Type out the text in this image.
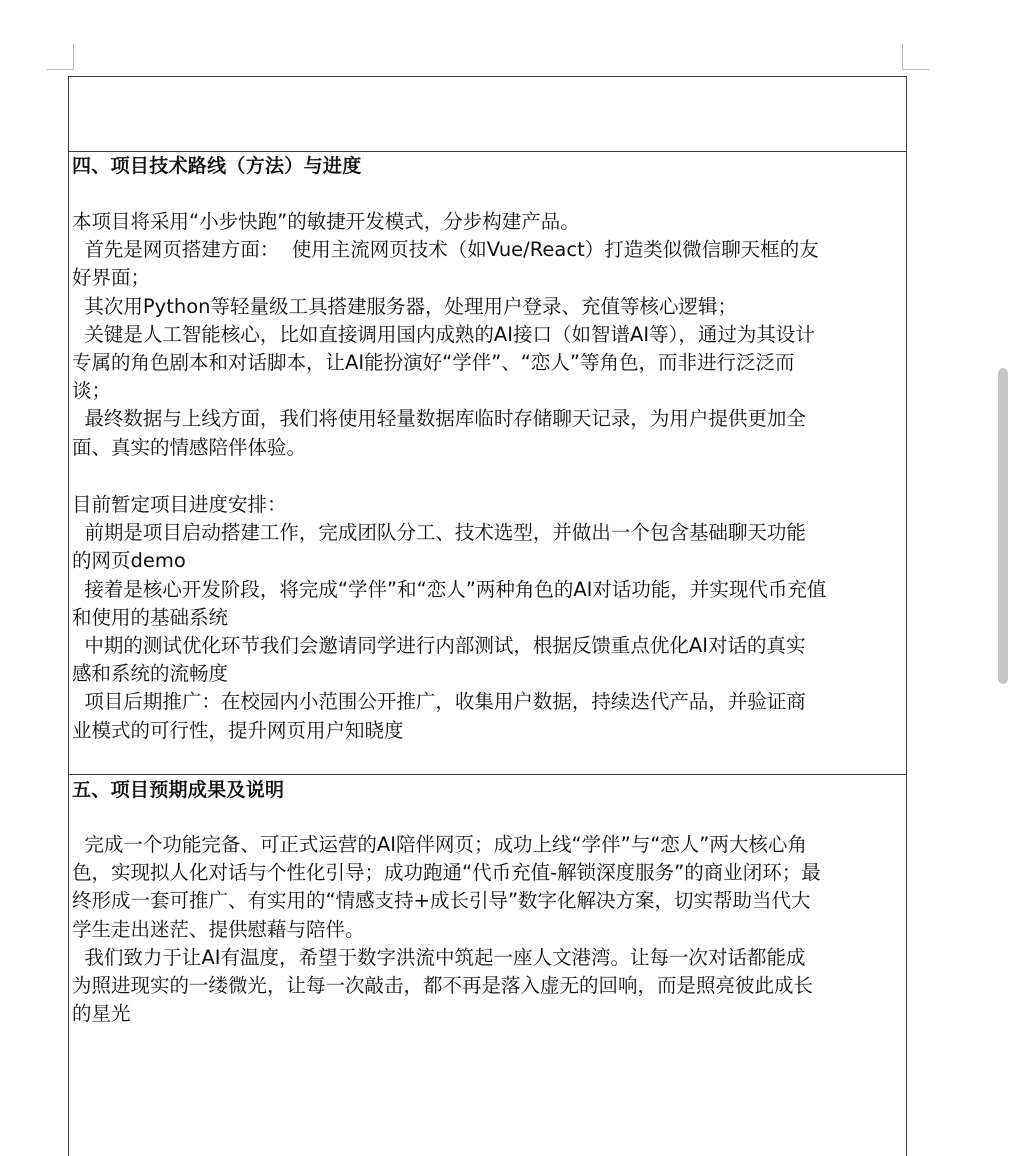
四、项目技术路线（方法）与进度

本项目将采用“小步快跑”的敏捷开发模式，分步构建产品。

首先是网页搭建方面：  使用主流网页技术（如Vue/React）打造类似微信聊天框的友

好界面；

其次用Python等轻量级工具搭建服务器，处理用户登录、充值等核心逻辑；

关键是人工智能核心，比如直接调用国内成熟的AI接口（如智谱AI等），通过为其设计

专属的角色剧本和对话脚本，让AI能扮演好“学伴”、“恋人”等角色，而非进行泛泛而

谈；

最终数据与上线方面，我们将使用轻量数据库临时存储聊天记录，为用户提供更加全

面、真实的情感陪伴体验。

目前暂定项目进度安排：

前期是项目启动搭建工作，完成团队分工、技术选型，并做出一个包含基础聊天功能

的网页demo

接着是核心开发阶段，将完成“学伴”和“恋人”两种角色的AI对话功能，并实现代币充值

和使用的基础系统

中期的测试优化环节我们会邀请同学进行内部测试，根据反馈重点优化AI对话的真实

感和系统的流畅度

项目后期推广：在校园内小范围公开推广，收集用户数据，持续迭代产品，并验证商

业模式的可行性，提升网页用户知晓度

五、项目预期成果及说明

完成一个功能完备、可正式运营的AI陪伴网页；成功上线“学伴”与“恋人”两大核心角

色，实现拟人化对话与个性化引导；成功跑通“代币充值-解锁深度服务”的商业闭环；最

终形成一套可推广、有实用的“情感支持+成长引导”数字化解决方案，切实帮助当代大

学生走出迷茫、提供慰藉与陪伴。

我们致力于让AI有温度，希望于数字洪流中筑起一座人文港湾。让每一次对话都能成

为照进现实的一缕微光，让每一次敲击，都不再是落入虚无的回响，而是照亮彼此成长

的星光
